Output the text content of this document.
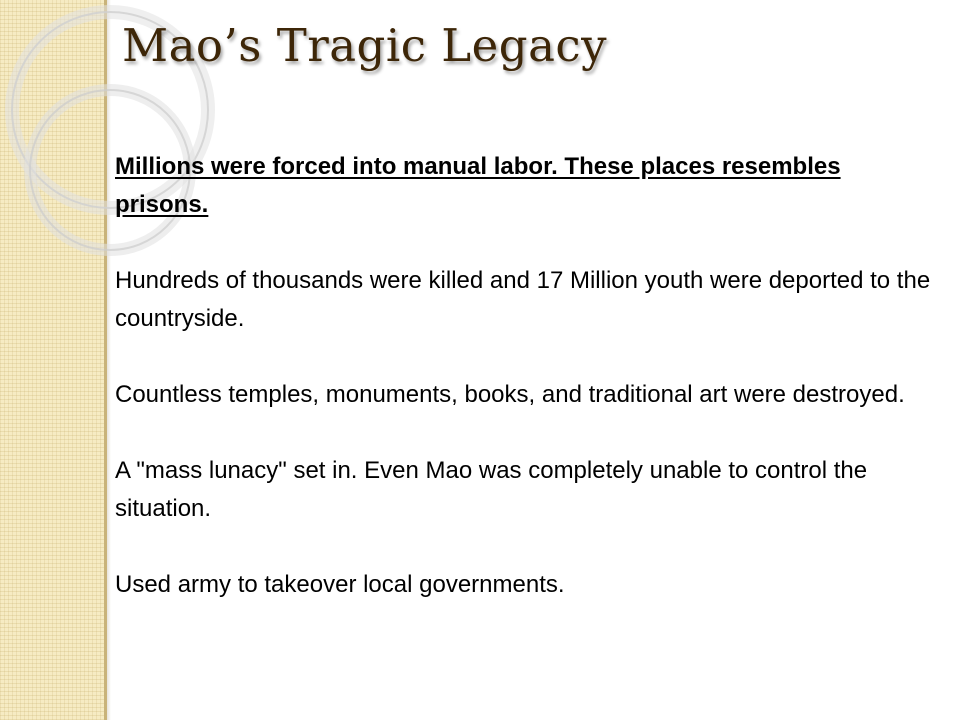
Mao’s Tragic Legacy

Millions were forced into manual labor. These places resembles prisons.

Hundreds of thousands were killed and 17 Million youth were deported to the countryside.

Countless temples, monuments, books, and traditional art were destroyed.

A "mass lunacy" set in. Even Mao was completely unable to control the situation.

Used army to takeover local governments.
